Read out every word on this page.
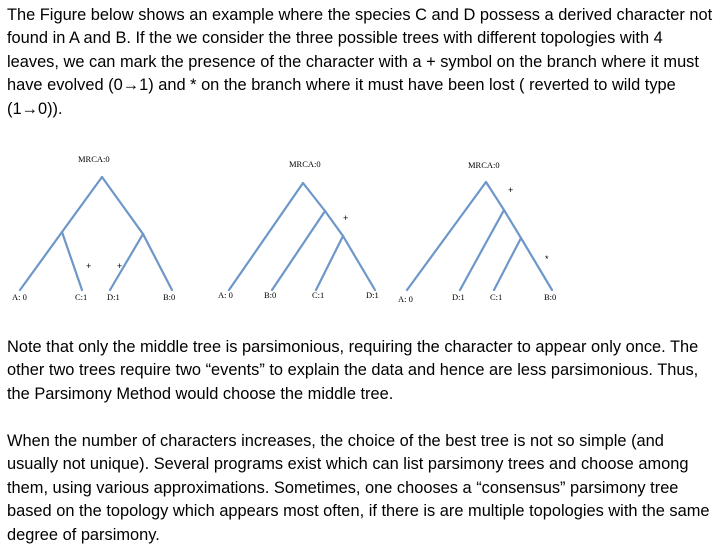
The Figure below shows an example where the species C and D possess a derived character not found in A and B. If the we consider the three possible trees with different topologies with 4 leaves, we can mark the presence of the character with a + symbol on the branch where it must have evolved (0→1) and * on the branch where it must have been lost ( reverted to wild type (1→0)).

MRCA:0
+	+
A: 0	C:1 D:1	B:0
MRCA:0
+
A: 0	B:0	C:1	D:1
MRCA:0
+
*
A: 0	D:1	C:1	B:0

Note that only the middle tree is parsimonious, requiring the character to appear only once. The other two trees require two “events” to explain the data and hence are less parsimonious. Thus, the Parsimony Method would choose the middle tree.

When the number of characters increases, the choice of the best tree is not so simple (and usually not unique). Several programs exist which can list parsimony trees and choose among them, using various approximations. Sometimes, one chooses a “consensus” parsimony tree based on the topology which appears most often, if there is are multiple topologies with the same degree of parsimony.
